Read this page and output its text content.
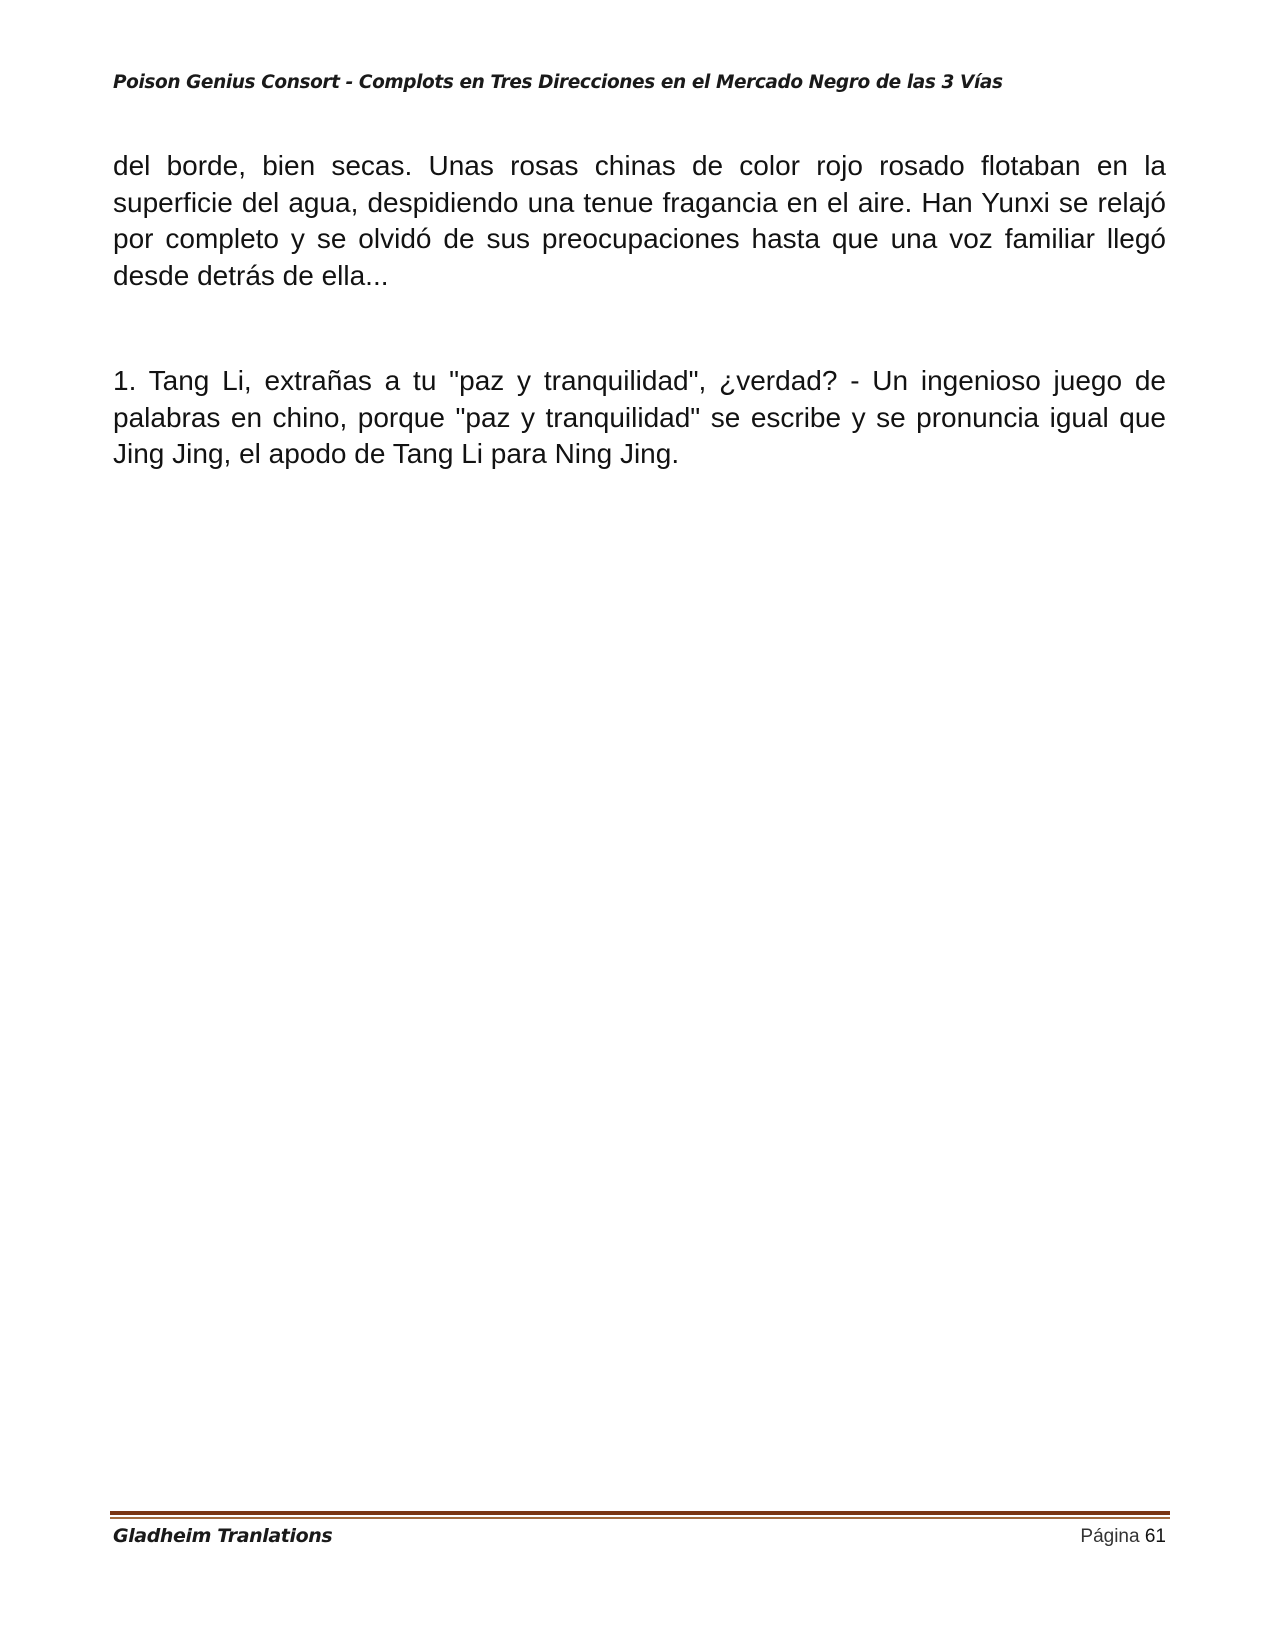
Poison Genius Consort - Complots en Tres Direcciones en el Mercado Negro de las 3 Vías

del borde, bien secas. Unas rosas chinas de color rojo rosado flotaban en la superficie del agua, despidiendo una tenue fragancia en el aire. Han Yunxi se relajó por completo y se olvidó de sus preocupaciones hasta que una voz familiar llegó desde detrás de ella...

1. Tang Li, extrañas a tu "paz y tranquilidad", ¿verdad? - Un ingenioso juego de palabras en chino, porque "paz y tranquilidad" se escribe y se pronuncia igual que Jing Jing, el apodo de Tang Li para Ning Jing.

Gladheim Tranlations	Página 61
